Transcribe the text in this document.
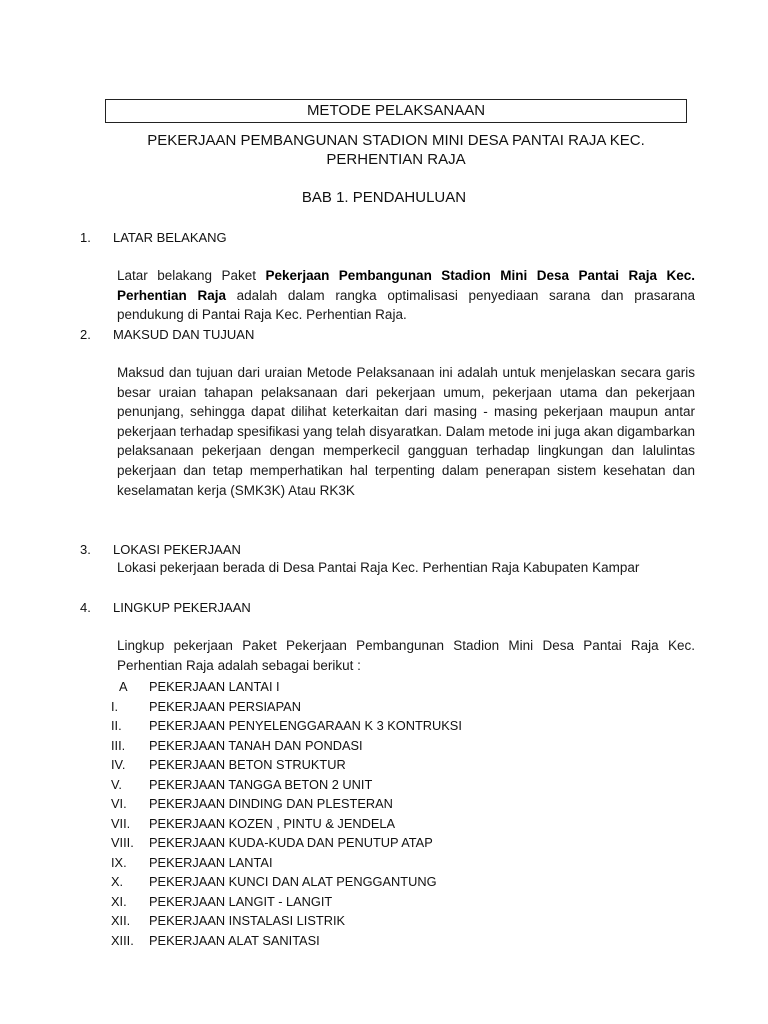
METODE PELAKSANAAN
PEKERJAAN PEMBANGUNAN STADION MINI DESA PANTAI RAJA KEC.
PERHENTIAN RAJA
BAB 1. PENDAHULUAN
1. LATAR BELAKANG
Latar belakang Paket Pekerjaan Pembangunan Stadion Mini Desa Pantai Raja Kec. Perhentian Raja adalah dalam rangka optimalisasi penyediaan sarana dan prasarana pendukung di Pantai Raja Kec. Perhentian Raja.
2. MAKSUD DAN TUJUAN
Maksud dan tujuan dari uraian Metode Pelaksanaan ini adalah untuk menjelaskan secara garis besar uraian tahapan pelaksanaan dari pekerjaan umum, pekerjaan utama dan pekerjaan penunjang, sehingga dapat dilihat keterkaitan dari masing - masing pekerjaan maupun antar pekerjaan terhadap spesifikasi yang telah disyaratkan. Dalam metode ini juga akan digambarkan pelaksanaan pekerjaan dengan memperkecil gangguan terhadap lingkungan dan lalulintas pekerjaan dan tetap memperhatikan hal terpenting dalam penerapan sistem kesehatan dan keselamatan kerja (SMK3K) Atau RK3K
3. LOKASI PEKERJAAN
Lokasi pekerjaan berada di Desa Pantai Raja Kec. Perhentian Raja Kabupaten Kampar
4. LINGKUP PEKERJAAN
Lingkup pekerjaan Paket Pekerjaan Pembangunan Stadion Mini Desa Pantai Raja Kec. Perhentian Raja adalah sebagai berikut :
A PEKERJAAN LANTAI I
I. PEKERJAAN PERSIAPAN
II. PEKERJAAN PENYELENGGARAAN K 3 KONTRUKSI
III. PEKERJAAN TANAH DAN PONDASI
IV. PEKERJAAN BETON STRUKTUR
V. PEKERJAAN TANGGA BETON 2 UNIT
VI. PEKERJAAN DINDING DAN PLESTERAN
VII. PEKERJAAN KOZEN , PINTU & JENDELA
VIII. PEKERJAAN KUDA-KUDA DAN PENUTUP ATAP
IX. PEKERJAAN LANTAI
X. PEKERJAAN KUNCI DAN ALAT PENGGANTUNG
XI. PEKERJAAN LANGIT - LANGIT
XII. PEKERJAAN INSTALASI LISTRIK
XIII. PEKERJAAN ALAT SANITASI
